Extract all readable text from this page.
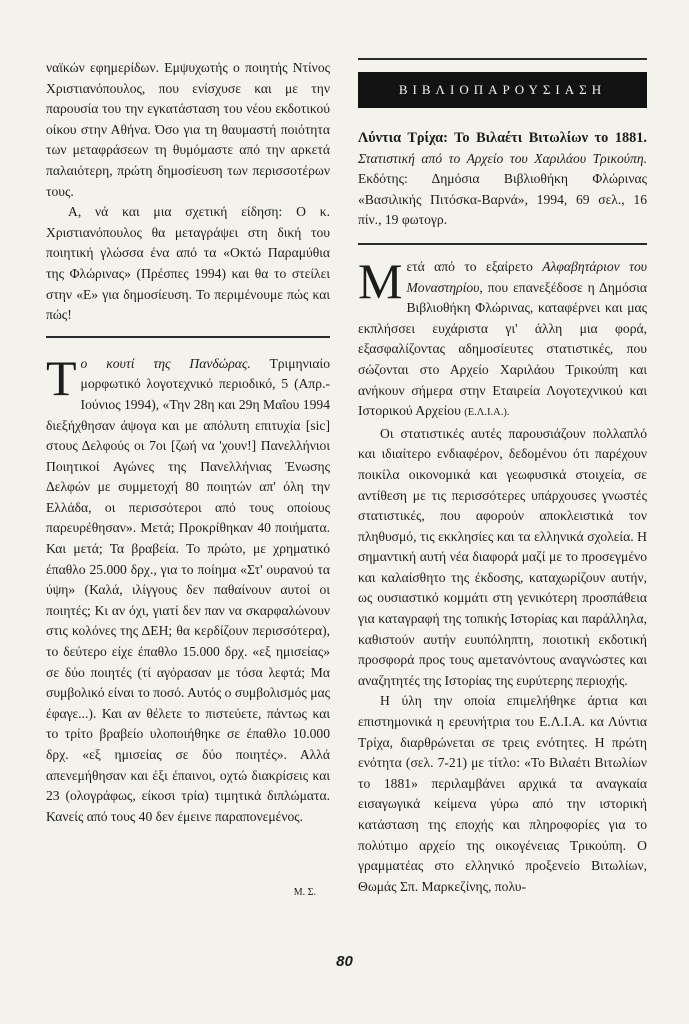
ναϊκών εφημερίδων. Εμψυχωτής ο ποιητής Ντίνος Χριστιανόπουλος, που ενίσχυσε και με την παρουσία του την εγκατάσταση του νέου εκδοτικού οίκου στην Αθήνα. Όσο για τη θαυμαστή ποιότητα των μεταφράσεων τη θυμόμαστε από την αρκετά παλαιότερη, πρώτη δημοσίευση των περισσοτέρων τους.

Α, νά και μια σχετική είδηση: Ο κ. Χριστιανόπουλος θα μεταγράψει στη δική του ποιητική γλώσσα ένα από τα «Οκτώ Παραμύθια της Φλώρινας» (Πρέσπες 1994) και θα το στείλει στην «Ε» για δημοσίευση. Το περιμένουμε πώς και πώς!

Τ ο κουτί της Πανδώρας. Τριμηνιαίο μορφωτικό λογοτεχνικό περιοδικό, 5 (Απρ.-Ιούνιος 1994), «Την 28η και 29η Μαΐου 1994 διεξήχθησαν άψογα και με απόλυτη επιτυχία [sic] στους Δελφούς οι 7οι [ζωή να 'χουν!] Πανελλήνιοι Ποιητικοί Αγώνες της Πανελλήνιας Ένωσης Δελφών με συμμετοχή 80 ποιητών απ' όλη την Ελλάδα, οι περισσότεροι από τους οποίους παρευρέθησαν». Μετά; Προκρίθηκαν 40 ποιήματα. Και μετά; Τα βραβεία. Το πρώτο, με χρηματικό έπαθλο 25.000 δρχ., για το ποίημα «Στ' ουρανού τα ύψη» (Καλά, ιλίγγους δεν παθαίνουν αυτοί οι ποιητές; Κι αν όχι, γιατί δεν παν να σκαρφαλώνουν στις κολόνες της ΔΕΗ; θα κερδίζουν περισσότερα), το δεύτερο είχε έπαθλο 15.000 δρχ. «εξ ημισείας» σε δύο ποιητές (τί αγόρασαν με τόσα λεφτά; Μα συμβολικό είναι το ποσό. Αυτός ο συμβολισμός μας έφαγε...). Και αν θέλετε το πιστεύετε, πάντως και το τρίτο βραβείο υλοποιήθηκε σε έπαθλο 10.000 δρχ. «εξ ημισείας σε δύο ποιητές». Αλλά απενεμήθησαν και έξι έπαινοι, οχτώ διακρίσεις και 23 (ολογράφως, είκοσι τρία) τιμητικά διπλώματα. Κανείς από τους 40 δεν έμεινε παραπονεμένος.

Μ. Σ.

ΒΙΒΛΙΟΠΑΡΟΥΣΙΑΣΗ

Λύντια Τρίχα: Το Βιλαέτι Βιτωλίων το 1881. Στατιστική από το Αρχείο του Χαριλάου Τρικούπη. Εκδότης: Δημόσια Βιβλιοθήκη Φλώρινας «Βασιλικής Πιτόσκα-Βαρνά», 1994, 69 σελ., 16 πίν., 19 φωτογρ.

Μετά από το εξαίρετο Αλφαβητάριον του Μοναστηρίου, που επανεξέδοσε η Δημόσια Βιβλιοθήκη Φλώρινας, καταφέρνει και μας εκπλήσσει ευχάριστα γι' άλλη μια φορά, εξασφαλίζοντας αδημοσίευτες στατιστικές, που σώζονται στο Αρχείο Χαριλάου Τρικούπη και ανήκουν σήμερα στην Εταιρεία Λογοτεχνικού και Ιστορικού Αρχείου (Ε.Λ.Ι.Α.).

Οι στατιστικές αυτές παρουσιάζουν πολλαπλό και ιδιαίτερο ενδιαφέρον, δεδομένου ότι παρέχουν ποικίλα οικονομικά και γεωφυσικά στοιχεία, σε αντίθεση με τις περισσότερες υπάρχουσες γνωστές στατιστικές, που αφορούν αποκλειστικά τον πληθυσμό, τις εκκλησίες και τα ελληνικά σχολεία. Η σημαντική αυτή νέα διαφορά μαζί με το προσεγμένο και καλαίσθητο της έκδοσης, καταχωρίζουν αυτήν, ως ουσιαστικό κομμάτι στη γενικότερη προσπάθεια για καταγραφή της τοπικής Ιστορίας και παράλληλα, καθιστούν αυτήν ευυπόληπτη, ποιοτική εκδοτική προσφορά προς τους αμεταvόντους αναγνώστες και αναζητητές της Ιστορίας της ευρύτερης περιοχής.

Η ύλη την οποία επιμελήθηκε άρτια και επιστημονικά η ερευνήτρια του Ε.Λ.Ι.Α. κα Λύντια Τρίχα, διαρθρώνεται σε τρεις ενότητες. Η πρώτη ενότητα (σελ. 7-21) με τίτλο: «Το Βιλαέτι Βιτωλίων το 1881» περιλαμβάνει αρχικά τα αναγκαία εισαγωγικά κείμενα γύρω από την ιστορική κατάσταση της εποχής και πληροφορίες για το πολύτιμο αρχείο της οικογένειας Τρικούπη. Ο γραμματέας στο ελληνικό προξενείο Βιτωλίων, Θωμάς Σπ. Μαρκεζίνης, πολυ-

80
